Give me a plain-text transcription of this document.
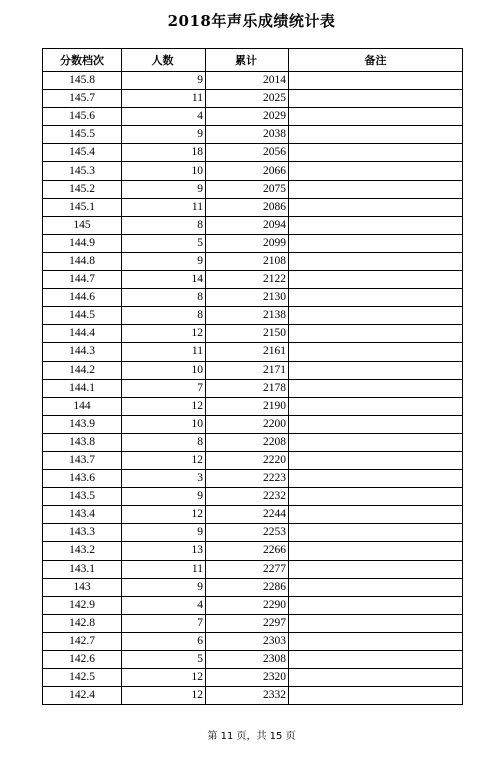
2018年声乐成绩统计表
分数档次	人数	累计	备注
145.8	9	2014	
145.7	11	2025	
145.6	4	2029	
145.5	9	2038	
145.4	18	2056	
145.3	10	2066	
145.2	9	2075	
145.1	11	2086	
145	8	2094	
144.9	5	2099	
144.8	9	2108	
144.7	14	2122	
144.6	8	2130	
144.5	8	2138	
144.4	12	2150	
144.3	11	2161	
144.2	10	2171	
144.1	7	2178	
144	12	2190	
143.9	10	2200	
143.8	8	2208	
143.7	12	2220	
143.6	3	2223	
143.5	9	2232	
143.4	12	2244	
143.3	9	2253	
143.2	13	2266	
143.1	11	2277	
143	9	2286	
142.9	4	2290	
142.8	7	2297	
142.7	6	2303	
142.6	5	2308	
142.5	12	2320	
142.4	12	2332	
第 11 页，共 15 页
